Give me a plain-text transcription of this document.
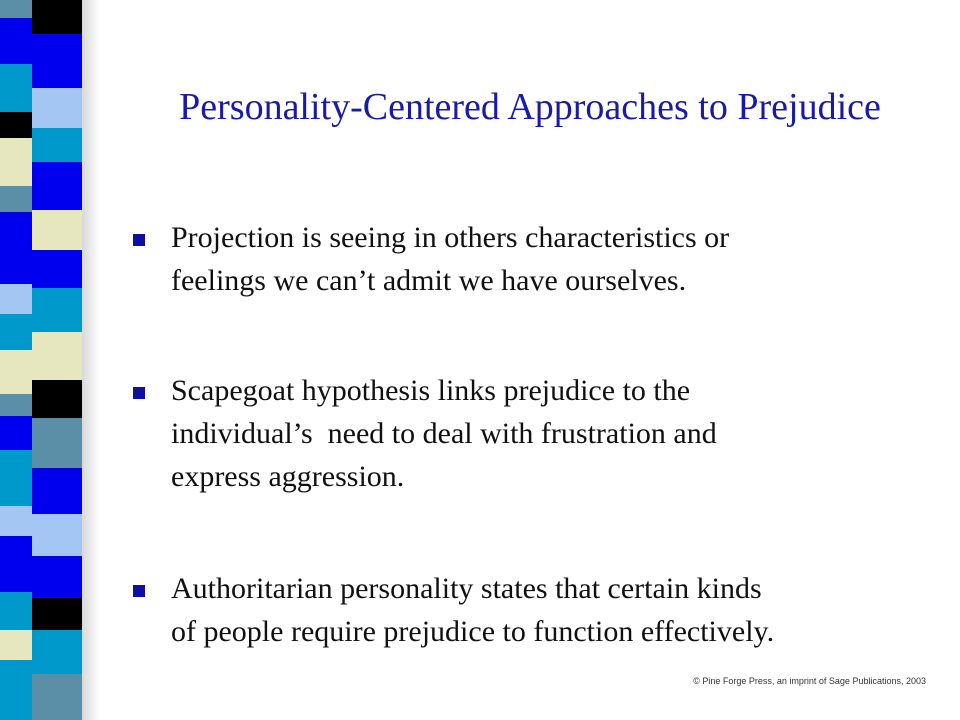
Personality-Centered Approaches to Prejudice
Projection is seeing in others characteristics or
feelings we can’t admit we have ourselves.
Scapegoat hypothesis links prejudice to the
individual’s  need to deal with frustration and
express aggression.
Authoritarian personality states that certain kinds
of people require prejudice to function effectively.
© Pine Forge Press, an imprint of Sage Publications, 2003
